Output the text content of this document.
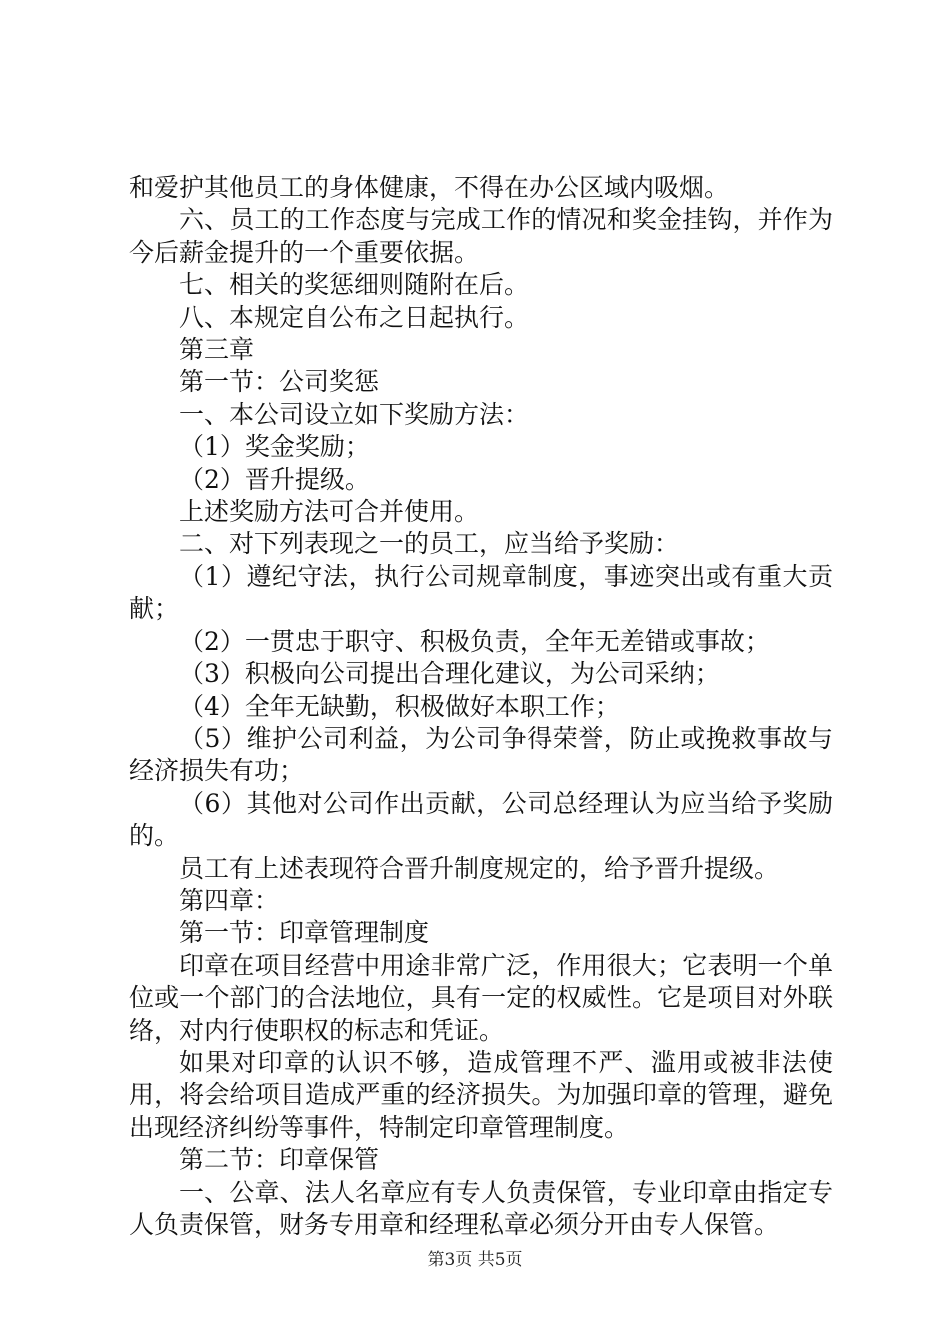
和爱护其他员工的身体健康，不得在办公区域内吸烟。

六、员工的工作态度与完成工作的情况和奖金挂钩，并作为今后薪金提升的一个重要依据。

七、相关的奖惩细则随附在后。

八、本规定自公布之日起执行。

第三章

第一节：公司奖惩

一、本公司设立如下奖励方法：

（1）奖金奖励；

（2）晋升提级。

上述奖励方法可合并使用。

二、对下列表现之一的员工，应当给予奖励：

（1）遵纪守法，执行公司规章制度，事迹突出或有重大贡献；

（2）一贯忠于职守、积极负责，全年无差错或事故；

（3）积极向公司提出合理化建议，为公司采纳；

（4）全年无缺勤，积极做好本职工作；

（5）维护公司利益，为公司争得荣誉，防止或挽救事故与经济损失有功；

（6）其他对公司作出贡献，公司总经理认为应当给予奖励的。

员工有上述表现符合晋升制度规定的，给予晋升提级。

第四章：

第一节：印章管理制度

印章在项目经营中用途非常广泛，作用很大；它表明一个单位或一个部门的合法地位，具有一定的权威性。它是项目对外联络，对内行使职权的标志和凭证。

如果对印章的认识不够，造成管理不严、滥用或被非法使用，将会给项目造成严重的经济损失。为加强印章的管理，避免出现经济纠纷等事件，特制定印章管理制度。

第二节：印章保管

一、公章、法人名章应有专人负责保管，专业印章由指定专人负责保管，财务专用章和经理私章必须分开由专人保管。

第3页 共5页
